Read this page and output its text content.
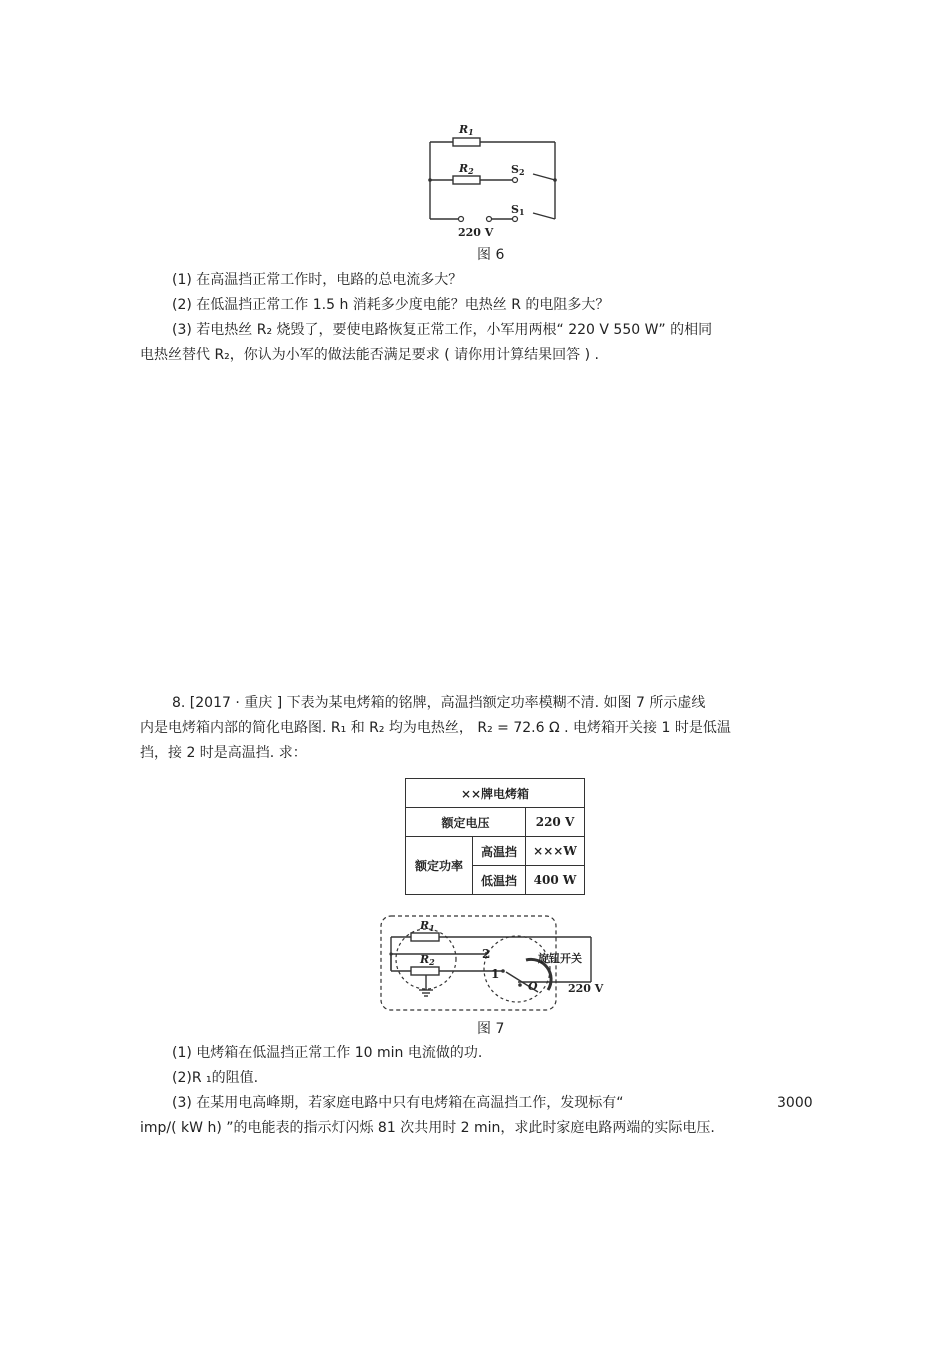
R1
R2	S2
S1
220 V
图 6
(1) 在高温挡正常工作时，电路的总电流多大？
(2) 在低温挡正常工作 1.5 h 消耗多少度电能？电热丝 R 的电阻多大？
(3) 若电热丝 R₂ 烧毁了，要使电路恢复正常工作，小军用两根“ 220 V 550 W” 的相同
电热丝替代 R₂，你认为小军的做法能否满足要求 ( 请你用计算结果回答 ) .
8. [2017 · 重庆 ] 下表为某电烤箱的铭牌，高温挡额定功率模糊不清. 如图 7 所示虚线
内是电烤箱内部的简化电路图. R₁ 和 R₂ 均为电热丝， R₂ = 72.6 Ω . 电烤箱开关接 1 时是低温
挡，接 2 时是高温挡. 求：
××牌电烤箱		
额定电压		220 V
额定功率	高温挡	×××W
	低温挡	400 W
R1
R2
2
1
O
旋钮开关
220 V
图 7
(1) 电烤箱在低温挡正常工作 10 min 电流做的功.
(2)R ₁的阻值.
(3) 在某用电高峰期，若家庭电路中只有电烤箱在高温挡工作，发现标有“	3000
imp/( kW h) ”的电能表的指示灯闪烁 81 次共用时 2 min，求此时家庭电路两端的实际电压.
